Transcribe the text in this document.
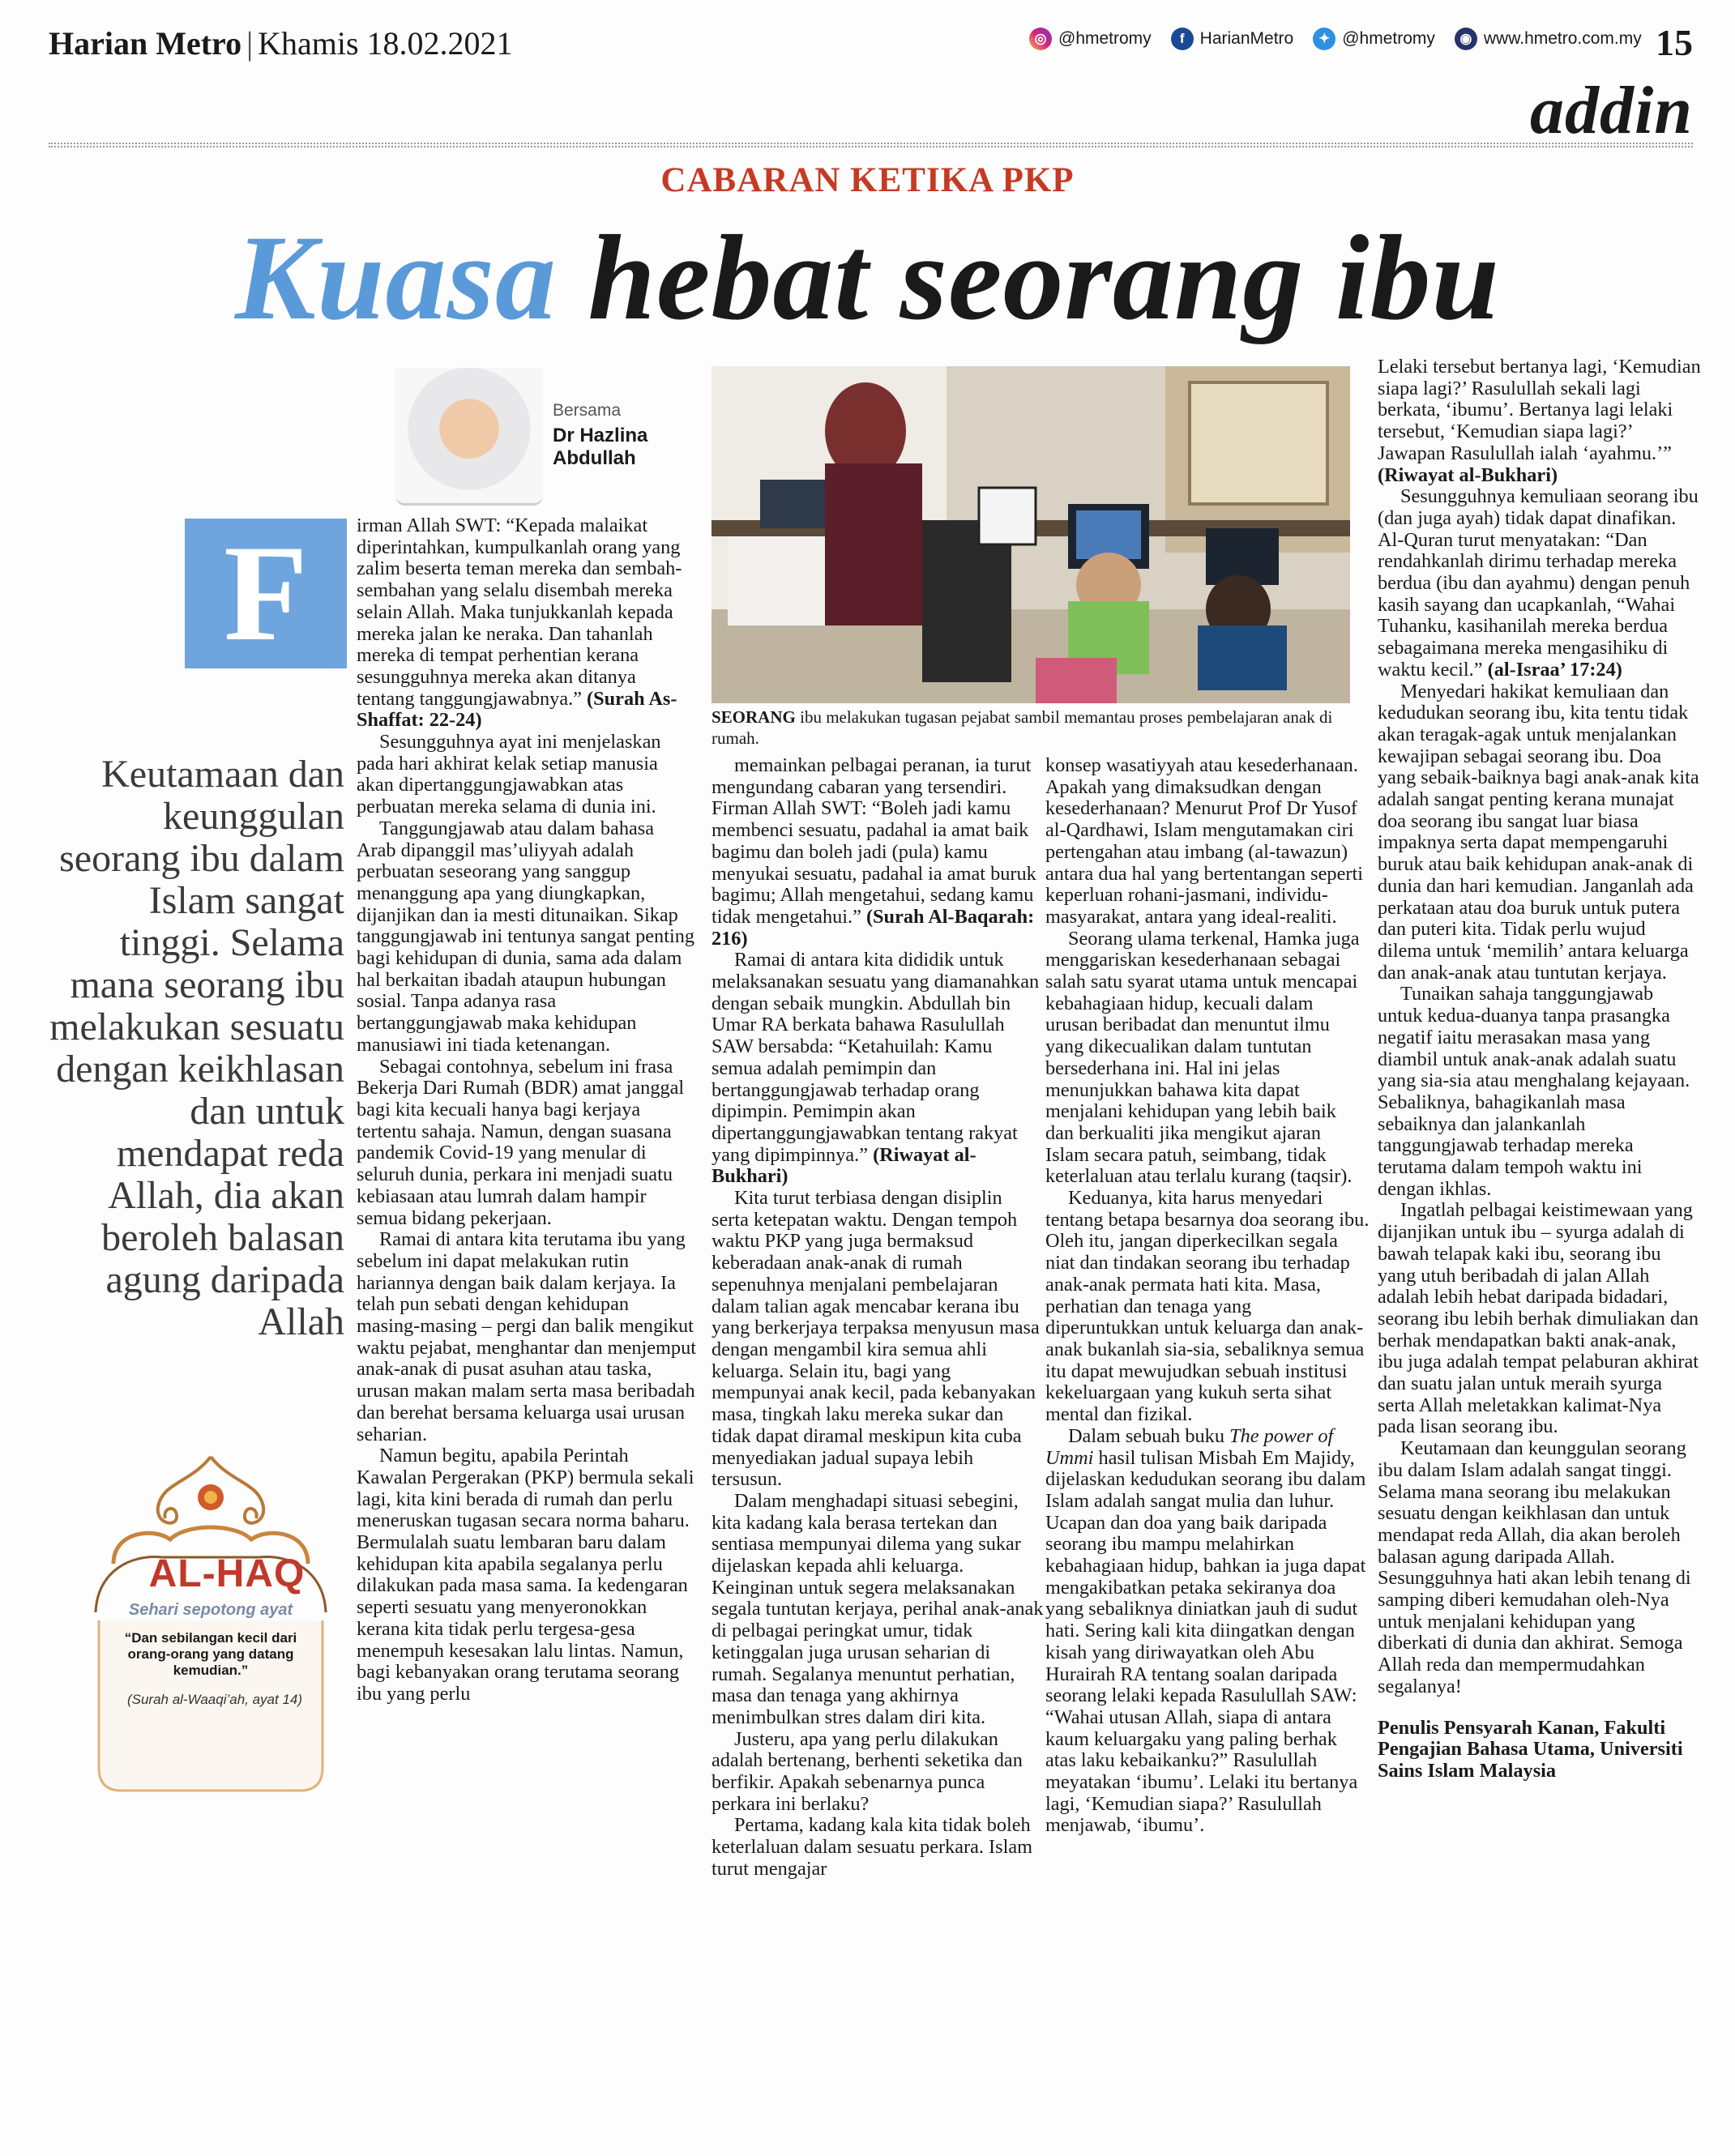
Harian Metro | Khamis 18.02.2021	◎ @hmetromy	f HarianMetro	✦ @hmetromy	◉ www.hmetro.com.my 15
addin
CABARAN KETIKA PKP
Kuasa hebat seorang ibu
Bersama
Dr Hazlina Abdullah
F
Keutamaan dan keunggulan seorang ibu dalam Islam sangat tinggi. Selama mana seorang ibu melakukan sesuatu dengan keikhlasan dan untuk mendapat reda Allah, dia akan beroleh balasan agung daripada Allah
AL-HAQ
Sehari sepotong ayat
“Dan sebilangan kecil dari orang-orang yang datang kemudian.”
(Surah al-Waaqi’ah, ayat 14)
SEORANG ibu melakukan tugasan pejabat sambil memantau proses pembelajaran anak di rumah.

irman Allah SWT: “Kepada malaikat diperintahkan, kumpulkanlah orang yang zalim beserta teman mereka dan sembah-sembahan yang selalu disembah mereka selain Allah. Maka tunjukkanlah kepada mereka jalan ke neraka. Dan tahanlah mereka di tempat perhentian kerana sesungguhnya mereka akan ditanya tentang tanggungjawabnya.” (Surah As-Shaffat: 22-24)

Sesungguhnya ayat ini menjelaskan pada hari akhirat kelak setiap manusia akan dipertanggungjawabkan atas perbuatan mereka selama di dunia ini.

Tanggungjawab atau dalam bahasa Arab dipanggil mas’uliyyah adalah perbuatan seseorang yang sanggup menanggung apa yang diungkapkan, dijanjikan dan ia mesti ditunaikan. Sikap tanggungjawab ini tentunya sangat penting bagi kehidupan di dunia, sama ada dalam hal berkaitan ibadah ataupun hubungan sosial. Tanpa adanya rasa bertanggungjawab maka kehidupan manusiawi ini tiada ketenangan.

Sebagai contohnya, sebelum ini frasa Bekerja Dari Rumah (BDR) amat janggal bagi kita kecuali hanya bagi kerjaya tertentu sahaja. Namun, dengan suasana pandemik Covid-19 yang menular di seluruh dunia, perkara ini menjadi suatu kebiasaan atau lumrah dalam hampir semua bidang pekerjaan.

Ramai di antara kita terutama ibu yang sebelum ini dapat melakukan rutin hariannya dengan baik dalam kerjaya. Ia telah pun sebati dengan kehidupan masing-masing – pergi dan balik mengikut waktu pejabat, menghantar dan menjemput anak-anak di pusat asuhan atau taska, urusan makan malam serta masa beribadah dan berehat bersama keluarga usai urusan seharian.

Namun begitu, apabila Perintah Kawalan Pergerakan (PKP) bermula sekali lagi, kita kini berada di rumah dan perlu meneruskan tugasan secara norma baharu. Bermulalah suatu lembaran baru dalam kehidupan kita apabila segalanya perlu dilakukan pada masa sama. Ia kedengaran seperti sesuatu yang menyeronokkan kerana kita tidak perlu tergesa-gesa menempuh kesesakan lalu lintas. Namun, bagi kebanyakan orang terutama seorang ibu yang perlu

memainkan pelbagai peranan, ia turut mengundang cabaran yang tersendiri. Firman Allah SWT: “Boleh jadi kamu membenci sesuatu, padahal ia amat baik bagimu dan boleh jadi (pula) kamu menyukai sesuatu, padahal ia amat buruk bagimu; Allah mengetahui, sedang kamu tidak mengetahui.” (Surah Al-Baqarah: 216)

Ramai di antara kita dididik untuk melaksanakan sesuatu yang diamanahkan dengan sebaik mungkin. Abdullah bin Umar RA berkata bahawa Rasulullah SAW bersabda: “Ketahuilah: Kamu semua adalah pemimpin dan bertanggungjawab terhadap orang dipimpin. Pemimpin akan dipertanggungjawabkan tentang rakyat yang dipimpinnya.” (Riwayat al-Bukhari)

Kita turut terbiasa dengan disiplin serta ketepatan waktu. Dengan tempoh waktu PKP yang juga bermaksud keberadaan anak-anak di rumah sepenuhnya menjalani pembelajaran dalam talian agak mencabar kerana ibu yang berkerjaya terpaksa menyusun masa dengan mengambil kira semua ahli keluarga. Selain itu, bagi yang mempunyai anak kecil, pada kebanyakan masa, tingkah laku mereka sukar dan tidak dapat diramal meskipun kita cuba menyediakan jadual supaya lebih tersusun.

Dalam menghadapi situasi sebegini, kita kadang kala berasa tertekan dan sentiasa mempunyai dilema yang sukar dijelaskan kepada ahli keluarga. Keinginan untuk segera melaksanakan segala tuntutan kerjaya, perihal anak-anak di pelbagai peringkat umur, tidak ketinggalan juga urusan seharian di rumah. Segalanya menuntut perhatian, masa dan tenaga yang akhirnya menimbulkan stres dalam diri kita.

Justeru, apa yang perlu dilakukan adalah bertenang, berhenti seketika dan berfikir. Apakah sebenarnya punca perkara ini berlaku?

Pertama, kadang kala kita tidak boleh keterlaluan dalam sesuatu perkara. Islam turut mengajar

konsep wasatiyyah atau kesederhanaan. Apakah yang dimaksudkan dengan kesederhanaan? Menurut Prof Dr Yusof al-Qardhawi, Islam mengutamakan ciri pertengahan atau imbang (al-tawazun) antara dua hal yang bertentangan seperti keperluan rohani-jasmani, individu-masyarakat, antara yang ideal-realiti.

Seorang ulama terkenal, Hamka juga menggariskan kesederhanaan sebagai salah satu syarat utama untuk mencapai kebahagiaan hidup, kecuali dalam urusan beribadat dan menuntut ilmu yang dikecualikan dalam tuntutan bersederhana ini. Hal ini jelas menunjukkan bahawa kita dapat menjalani kehidupan yang lebih baik dan berkualiti jika mengikut ajaran Islam secara patuh, seimbang, tidak keterlaluan atau terlalu kurang (taqsir).

Keduanya, kita harus menyedari tentang betapa besarnya doa seorang ibu. Oleh itu, jangan diperkecilkan segala niat dan tindakan seorang ibu terhadap anak-anak permata hati kita. Masa, perhatian dan tenaga yang diperuntukkan untuk keluarga dan anak-anak bukanlah sia-sia, sebaliknya semua itu dapat mewujudkan sebuah institusi kekeluargaan yang kukuh serta sihat mental dan fizikal.

Dalam sebuah buku The power of Ummi hasil tulisan Misbah Em Majidy, dijelaskan kedudukan seorang ibu dalam Islam adalah sangat mulia dan luhur. Ucapan dan doa yang baik daripada seorang ibu mampu melahirkan kebahagiaan hidup, bahkan ia juga dapat mengakibatkan petaka sekiranya doa yang sebaliknya diniatkan jauh di sudut hati. Sering kali kita diingatkan dengan kisah yang diriwayatkan oleh Abu Hurairah RA tentang soalan daripada seorang lelaki kepada Rasulullah SAW: “Wahai utusan Allah, siapa di antara kaum keluargaku yang paling berhak atas laku kebaikanku?” Rasulullah meyatakan ‘ibumu’. Lelaki itu bertanya lagi, ‘Kemudian siapa?’ Rasulullah menjawab, ‘ibumu’.

Lelaki tersebut bertanya lagi, ‘Kemudian siapa lagi?’ Rasulullah sekali lagi berkata, ‘ibumu’. Bertanya lagi lelaki tersebut, ‘Kemudian siapa lagi?’ Jawapan Rasulullah ialah ‘ayahmu.’” (Riwayat al-Bukhari)

Sesungguhnya kemuliaan seorang ibu (dan juga ayah) tidak dapat dinafikan. Al-Quran turut menyatakan: “Dan rendahkanlah dirimu terhadap mereka berdua (ibu dan ayahmu) dengan penuh kasih sayang dan ucapkanlah, “Wahai Tuhanku, kasihanilah mereka berdua sebagaimana mereka mengasihiku di waktu kecil.” (al-Israa’ 17:24)

Menyedari hakikat kemuliaan dan kedudukan seorang ibu, kita tentu tidak akan teragak-agak untuk menjalankan kewajipan sebagai seorang ibu. Doa yang sebaik-baiknya bagi anak-anak kita adalah sangat penting kerana munajat doa seorang ibu sangat luar biasa impaknya serta dapat mempengaruhi buruk atau baik kehidupan anak-anak di dunia dan hari kemudian. Janganlah ada perkataan atau doa buruk untuk putera dan puteri kita. Tidak perlu wujud dilema untuk ‘memilih’ antara keluarga dan anak-anak atau tuntutan kerjaya.

Tunaikan sahaja tanggungjawab untuk kedua-duanya tanpa prasangka negatif iaitu merasakan masa yang diambil untuk anak-anak adalah suatu yang sia-sia atau menghalang kejayaan. Sebaliknya, bahagikanlah masa sebaiknya dan jalankanlah tanggungjawab terhadap mereka terutama dalam tempoh waktu ini dengan ikhlas.

Ingatlah pelbagai keistimewaan yang dijanjikan untuk ibu – syurga adalah di bawah telapak kaki ibu, seorang ibu yang utuh beribadah di jalan Allah adalah lebih hebat daripada bidadari, seorang ibu lebih berhak dimuliakan dan berhak mendapatkan bakti anak-anak, ibu juga adalah tempat pelaburan akhirat dan suatu jalan untuk meraih syurga serta Allah meletakkan kalimat-Nya pada lisan seorang ibu.

Keutamaan dan keunggulan seorang ibu dalam Islam adalah sangat tinggi. Selama mana seorang ibu melakukan sesuatu dengan keikhlasan dan untuk mendapat reda Allah, dia akan beroleh balasan agung daripada Allah. Sesungguhnya hati akan lebih tenang di samping diberi kemudahan oleh-Nya untuk menjalani kehidupan yang diberkati di dunia dan akhirat. Semoga Allah reda dan mempermudahkan segalanya!

Penulis Pensyarah Kanan, Fakulti Pengajian Bahasa Utama, Universiti Sains Islam Malaysia
